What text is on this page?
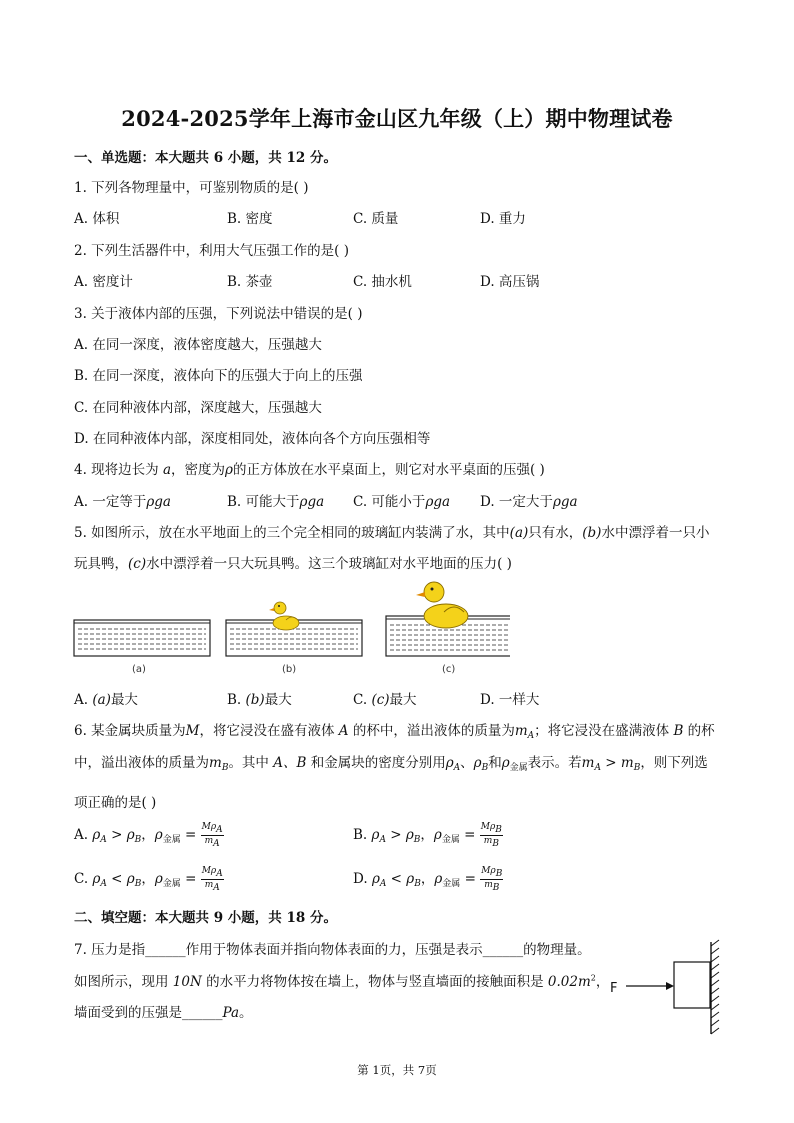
2024-2025学年上海市金山区九年级（上）期中物理试卷
一、单选题：本大题共 6 小题，共 12 分。
1. 下列各物理量中，可鉴别物质的是( )
A. 体积	B. 密度	C. 质量	D. 重力
2. 下列生活器件中，利用大气压强工作的是( )
A. 密度计	B. 茶壶	C. 抽水机	D. 高压锅
3. 关于液体内部的压强，下列说法中错误的是( )
A. 在同一深度，液体密度越大，压强越大
B. 在同一深度，液体向下的压强大于向上的压强
C. 在同种液体内部，深度越大，压强越大
D. 在同种液体内部，深度相同处，液体向各个方向压强相等
4. 现将边长为 a，密度为ρ的正方体放在水平桌面上，则它对水平桌面的压强( )
A. 一定等于ρga	B. 可能大于ρga C. 可能小于ρga D. 一定大于ρga
5. 如图所示，放在水平地面上的三个完全相同的玻璃缸内装满了水，其中(a)只有水，(b)水中漂浮着一只小
玩具鸭，(c)水中漂浮着一只大玩具鸭。这三个玻璃缸对水平地面的压力( )
(a)	(b)	(c)
A. (a)最大	B. (b)最大	C. (c)最大	D. 一样大
6. 某金属块质量为M，将它浸没在盛有液体 A 的杯中，溢出液体的质量为$m_A$；将它浸没在盛满液体 B 的杯
中，溢出液体的质量为$m_B$。其中 A、B 和金属块的密度分别用$\rho_A$、$\rho_B$和$\rho_{金属}$表示。若$m_A > m_B$，则下列选
项正确的是( )
A. $\rho_A > \rho_B$，$\rho_{金属} = \frac{\text{MρA}}{mA}$	B. $\rho_A > \rho_B$，$\rho_{金属} = \frac{\text{MρB}}{mB}$
C. $\rho_A < \rho_B$，$\rho_{金属} = \frac{\text{MρA}}{mA}$	D. $\rho_A < \rho_B$，$\rho_{金属} = \frac{\text{MρB}}{mB}$
二、填空题：本大题共 9 小题，共 18 分。
7. 压力是指______作用于物体表面并指向物体表面的力，压强是表示______的物理量。
如图所示，现用 10N 的水平力将物体按在墙上，物体与竖直墙面的接触面积是 $0.02m^2$，
墙面受到的压强是______Pa。
F
第 1页，共 7页
